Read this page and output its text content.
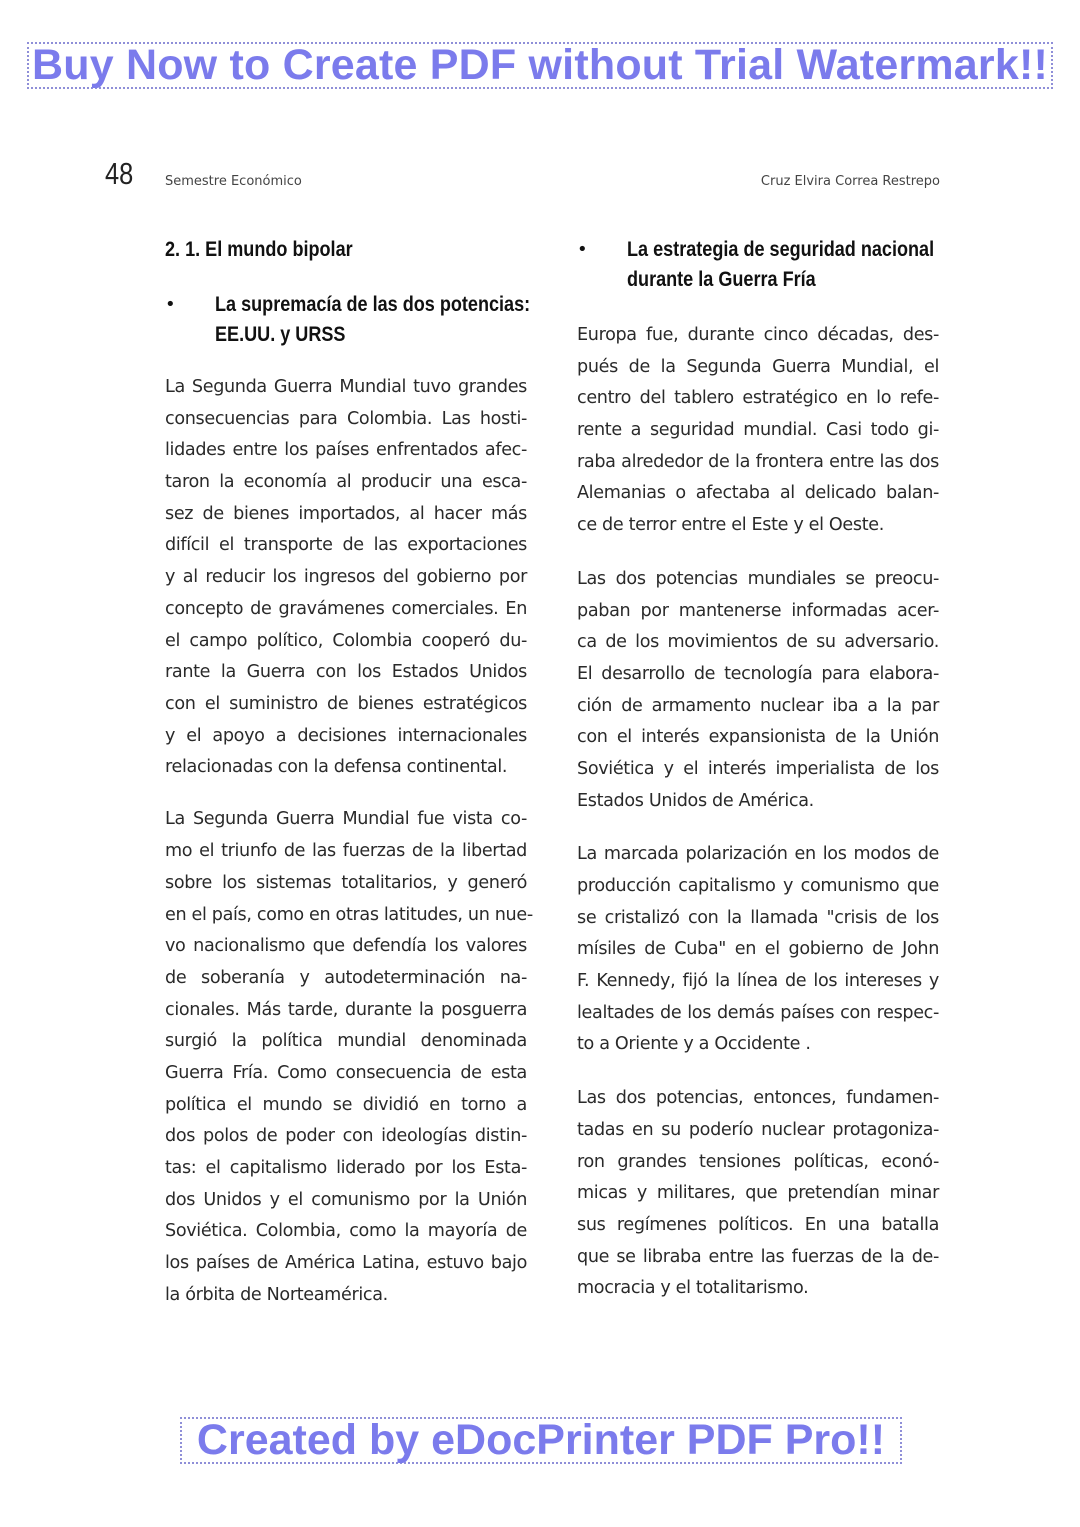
Buy Now to Create PDF without Trial Watermark!!
48 Semestre Económico	Cruz Elvira Correa Restrepo
2. 1. El mundo bipolar
• La supremacía de las dos potencias:
EE.UU. y URSS
La Segunda Guerra Mundial tuvo grandes
consecuencias para Colombia. Las hosti-
lidades entre los países enfrentados afec-
taron la economía al producir una esca-
sez de bienes importados, al hacer más
difícil el transporte de las exportaciones
y al reducir los ingresos del gobierno por
concepto de gravámenes comerciales. En
el campo político, Colombia cooperó du-
rante la Guerra con los Estados Unidos
con el suministro de bienes estratégicos
y el apoyo a decisiones internacionales
relacionadas con la defensa continental.
La Segunda Guerra Mundial fue vista co-
mo el triunfo de las fuerzas de la libertad
sobre los sistemas totalitarios, y generó
en el país, como en otras latitudes, un nue-
vo nacionalismo que defendía los valores
de soberanía y autodeterminación na-
cionales. Más tarde, durante la posguerra
surgió la política mundial denominada
Guerra Fría. Como consecuencia de esta
política el mundo se dividió en torno a
dos polos de poder con ideologías distin-
tas: el capitalismo liderado por los Esta-
dos Unidos y el comunismo por la Unión
Soviética. Colombia, como la mayoría de
los países de América Latina, estuvo bajo
la órbita de Norteamérica.
• La estrategia de seguridad nacional
durante la Guerra Fría
Europa fue, durante cinco décadas, des-
pués de la Segunda Guerra Mundial, el
centro del tablero estratégico en lo refe-
rente a seguridad mundial. Casi todo gi-
raba alrededor de la frontera entre las dos
Alemanias o afectaba al delicado balan-
ce de terror entre el Este y el Oeste.
Las dos potencias mundiales se preocu-
paban por mantenerse informadas acer-
ca de los movimientos de su adversario.
El desarrollo de tecnología para elabora-
ción de armamento nuclear iba a la par
con el interés expansionista de la Unión
Soviética y el interés imperialista de los
Estados Unidos de América.
La marcada polarización en los modos de
producción capitalismo y comunismo que
se cristalizó con la llamada "crisis de los
mísiles de Cuba" en el gobierno de John
F. Kennedy, fijó la línea de los intereses y
lealtades de los demás países con respec-
to a Oriente y a Occidente .
Las dos potencias, entonces, fundamen-
tadas en su poderío nuclear protagoniza-
ron grandes tensiones políticas, econó-
micas y militares, que pretendían minar
sus regímenes políticos. En una batalla
que se libraba entre las fuerzas de la de-
mocracia y el totalitarismo.
Created by eDocPrinter PDF Pro!!
